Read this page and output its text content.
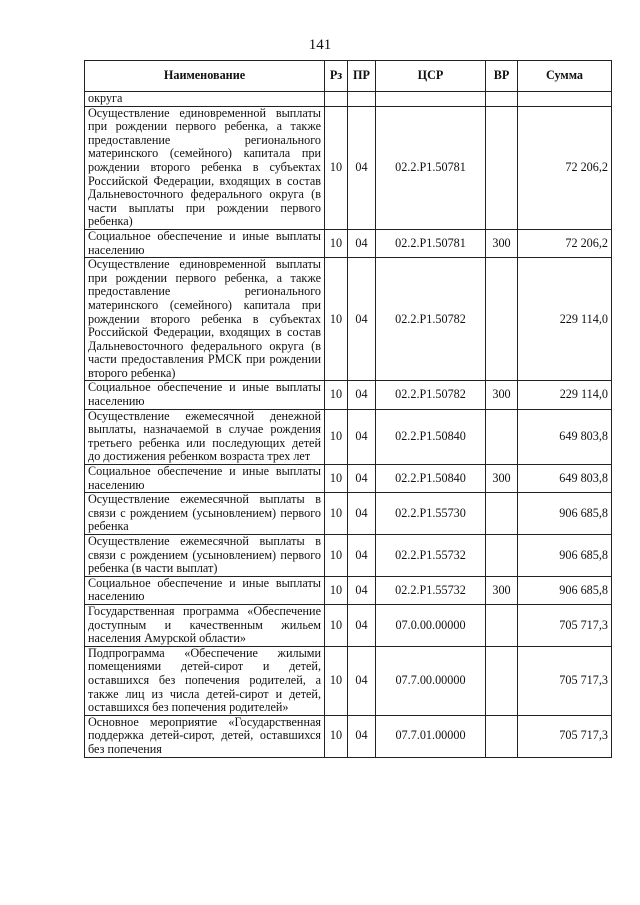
141
Наименование	Рз	ПР	ЦСР	ВР	Сумма
округа					
Осуществление единовременной выплаты при рождении первого ребенка, а также предоставление регионального материнского (семейного) капитала при рождении второго ребенка в субъектах Российской Федерации, входящих в состав Дальневосточного федерального округа (в части выплаты при рождении первого ребенка)	10	04	02.2.P1.50781		72 206,2
Социальное обеспечение и иные выплаты населению	10	04	02.2.P1.50781	300	72 206,2
Осуществление единовременной выплаты при рождении первого ребенка, а также предоставление регионального материнского (семейного) капитала при рождении второго ребенка в субъектах Российской Федерации, входящих в состав Дальневосточного федерального округа (в части предоставления РМСК при рождении второго ребенка)	10	04	02.2.P1.50782		229 114,0
Социальное обеспечение и иные выплаты населению	10	04	02.2.P1.50782	300	229 114,0
Осуществление ежемесячной денежной выплаты, назначаемой в случае рождения третьего ребенка или последующих детей до достижения ребенком возраста трех лет	10	04	02.2.P1.50840		649 803,8
Социальное обеспечение и иные выплаты населению	10	04	02.2.P1.50840	300	649 803,8
Осуществление ежемесячной выплаты в связи с рождением (усыновлением) первого ребенка	10	04	02.2.P1.55730		906 685,8
Осуществление ежемесячной выплаты в связи с рождением (усыновлением) первого ребенка (в части выплат)	10	04	02.2.P1.55732		906 685,8
Социальное обеспечение и иные выплаты населению	10	04	02.2.P1.55732	300	906 685,8
Государственная программа «Обеспечение доступным и качественным жильем населения Амурской области»	10	04	07.0.00.00000		705 717,3
Подпрограмма «Обеспечение жилыми помещениями детей-сирот и детей, оставшихся без попечения родителей, а также лиц из числа детей-сирот и детей, оставшихся без попечения родителей»	10	04	07.7.00.00000		705 717,3
Основное мероприятие «Государственная поддержка детей-сирот, детей, оставшихся без попечения	10	04	07.7.01.00000		705 717,3
